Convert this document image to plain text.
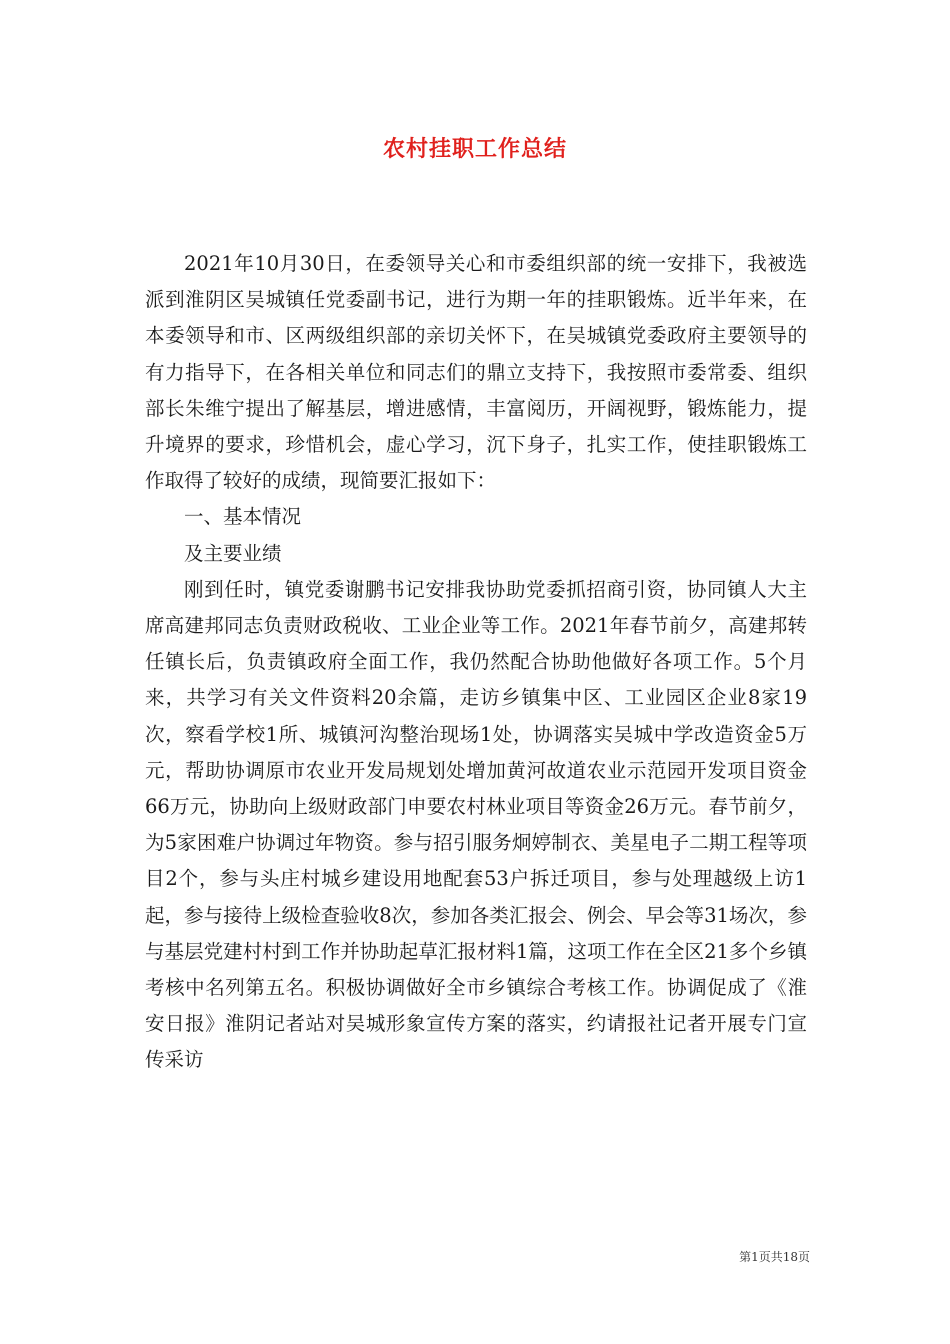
农村挂职工作总结

2021年10月30日，在委领导关心和市委组织部的统一安排下，我被选派到淮阴区吴城镇任党委副书记，进行为期一年的挂职锻炼。近半年来，在本委领导和市、区两级组织部的亲切关怀下，在吴城镇党委政府主要领导的有力指导下，在各相关单位和同志们的鼎立支持下，我按照市委常委、组织部长朱维宁提出了解基层，增进感情，丰富阅历，开阔视野，锻炼能力，提升境界的要求，珍惜机会，虚心学习，沉下身子，扎实工作，使挂职锻炼工作取得了较好的成绩，现简要汇报如下：

一、基本情况

及主要业绩

刚到任时，镇党委谢鹏书记安排我协助党委抓招商引资，协同镇人大主席高建邦同志负责财政税收、工业企业等工作。2021年春节前夕，高建邦转任镇长后，负责镇政府全面工作，我仍然配合协助他做好各项工作。5个月来，共学习有关文件资料20余篇，走访乡镇集中区、工业园区企业8家19次，察看学校1所、城镇河沟整治现场1处，协调落实吴城中学改造资金5万元，帮助协调原市农业开发局规划处增加黄河故道农业示范园开发项目资金66万元，协助向上级财政部门申要农村林业项目等资金26万元。春节前夕，为5家困难户协调过年物资。参与招引服务炯婷制衣、美星电子二期工程等项目2个，参与头庄村城乡建设用地配套53户拆迁项目，参与处理越级上访1起，参与接待上级检查验收8次，参加各类汇报会、例会、早会等31场次，参与基层党建村村到工作并协助起草汇报材料1篇，这项工作在全区21多个乡镇考核中名列第五名。积极协调做好全市乡镇综合考核工作。协调促成了《淮安日报》淮阴记者站对吴城形象宣传方案的落实，约请报社记者开展专门宣传采访

第1页共18页
